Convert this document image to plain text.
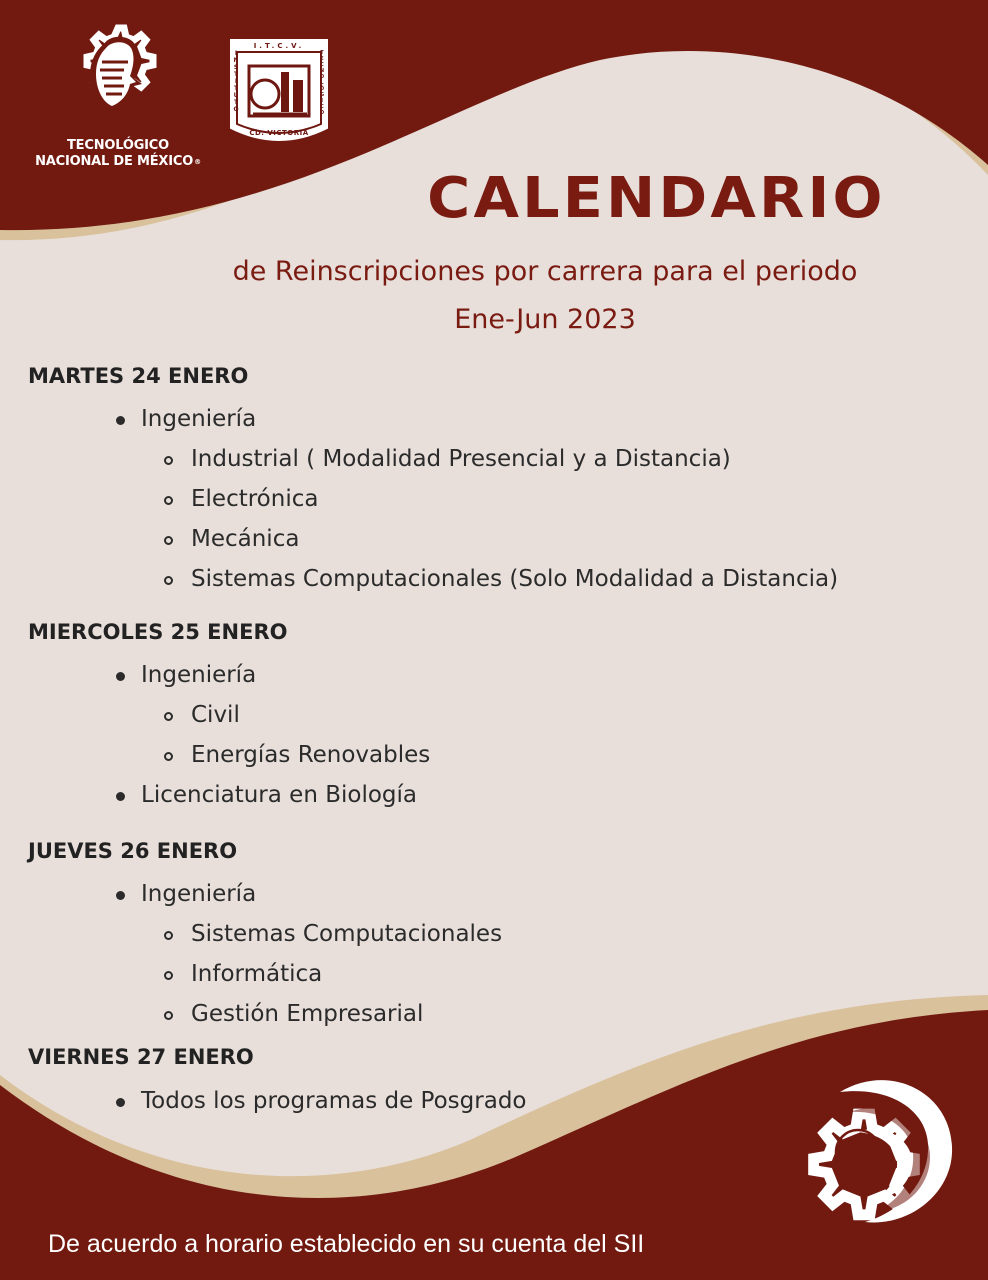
TECNOLÓGICO
NACIONAL DE MÉXICO®
I.T.C.V.
INSTITUTO	TECNOLÓGICO
CD. VICTORIA
CALENDARIO
de Reinscripciones por carrera para el periodo
Ene-Jun 2023
MARTES 24 ENERO
Ingeniería
Industrial ( Modalidad Presencial y a Distancia)
Electrónica
Mecánica
Sistemas Computacionales (Solo Modalidad a Distancia)
MIERCOLES 25 ENERO
Ingeniería
Civil
Energías Renovables
Licenciatura en Biología
JUEVES 26 ENERO
Ingeniería
Sistemas Computacionales
Informática
Gestión Empresarial
VIERNES 27 ENERO
Todos los programas de Posgrado
47
ITCV
De acuerdo a horario establecido en su cuenta del SII
